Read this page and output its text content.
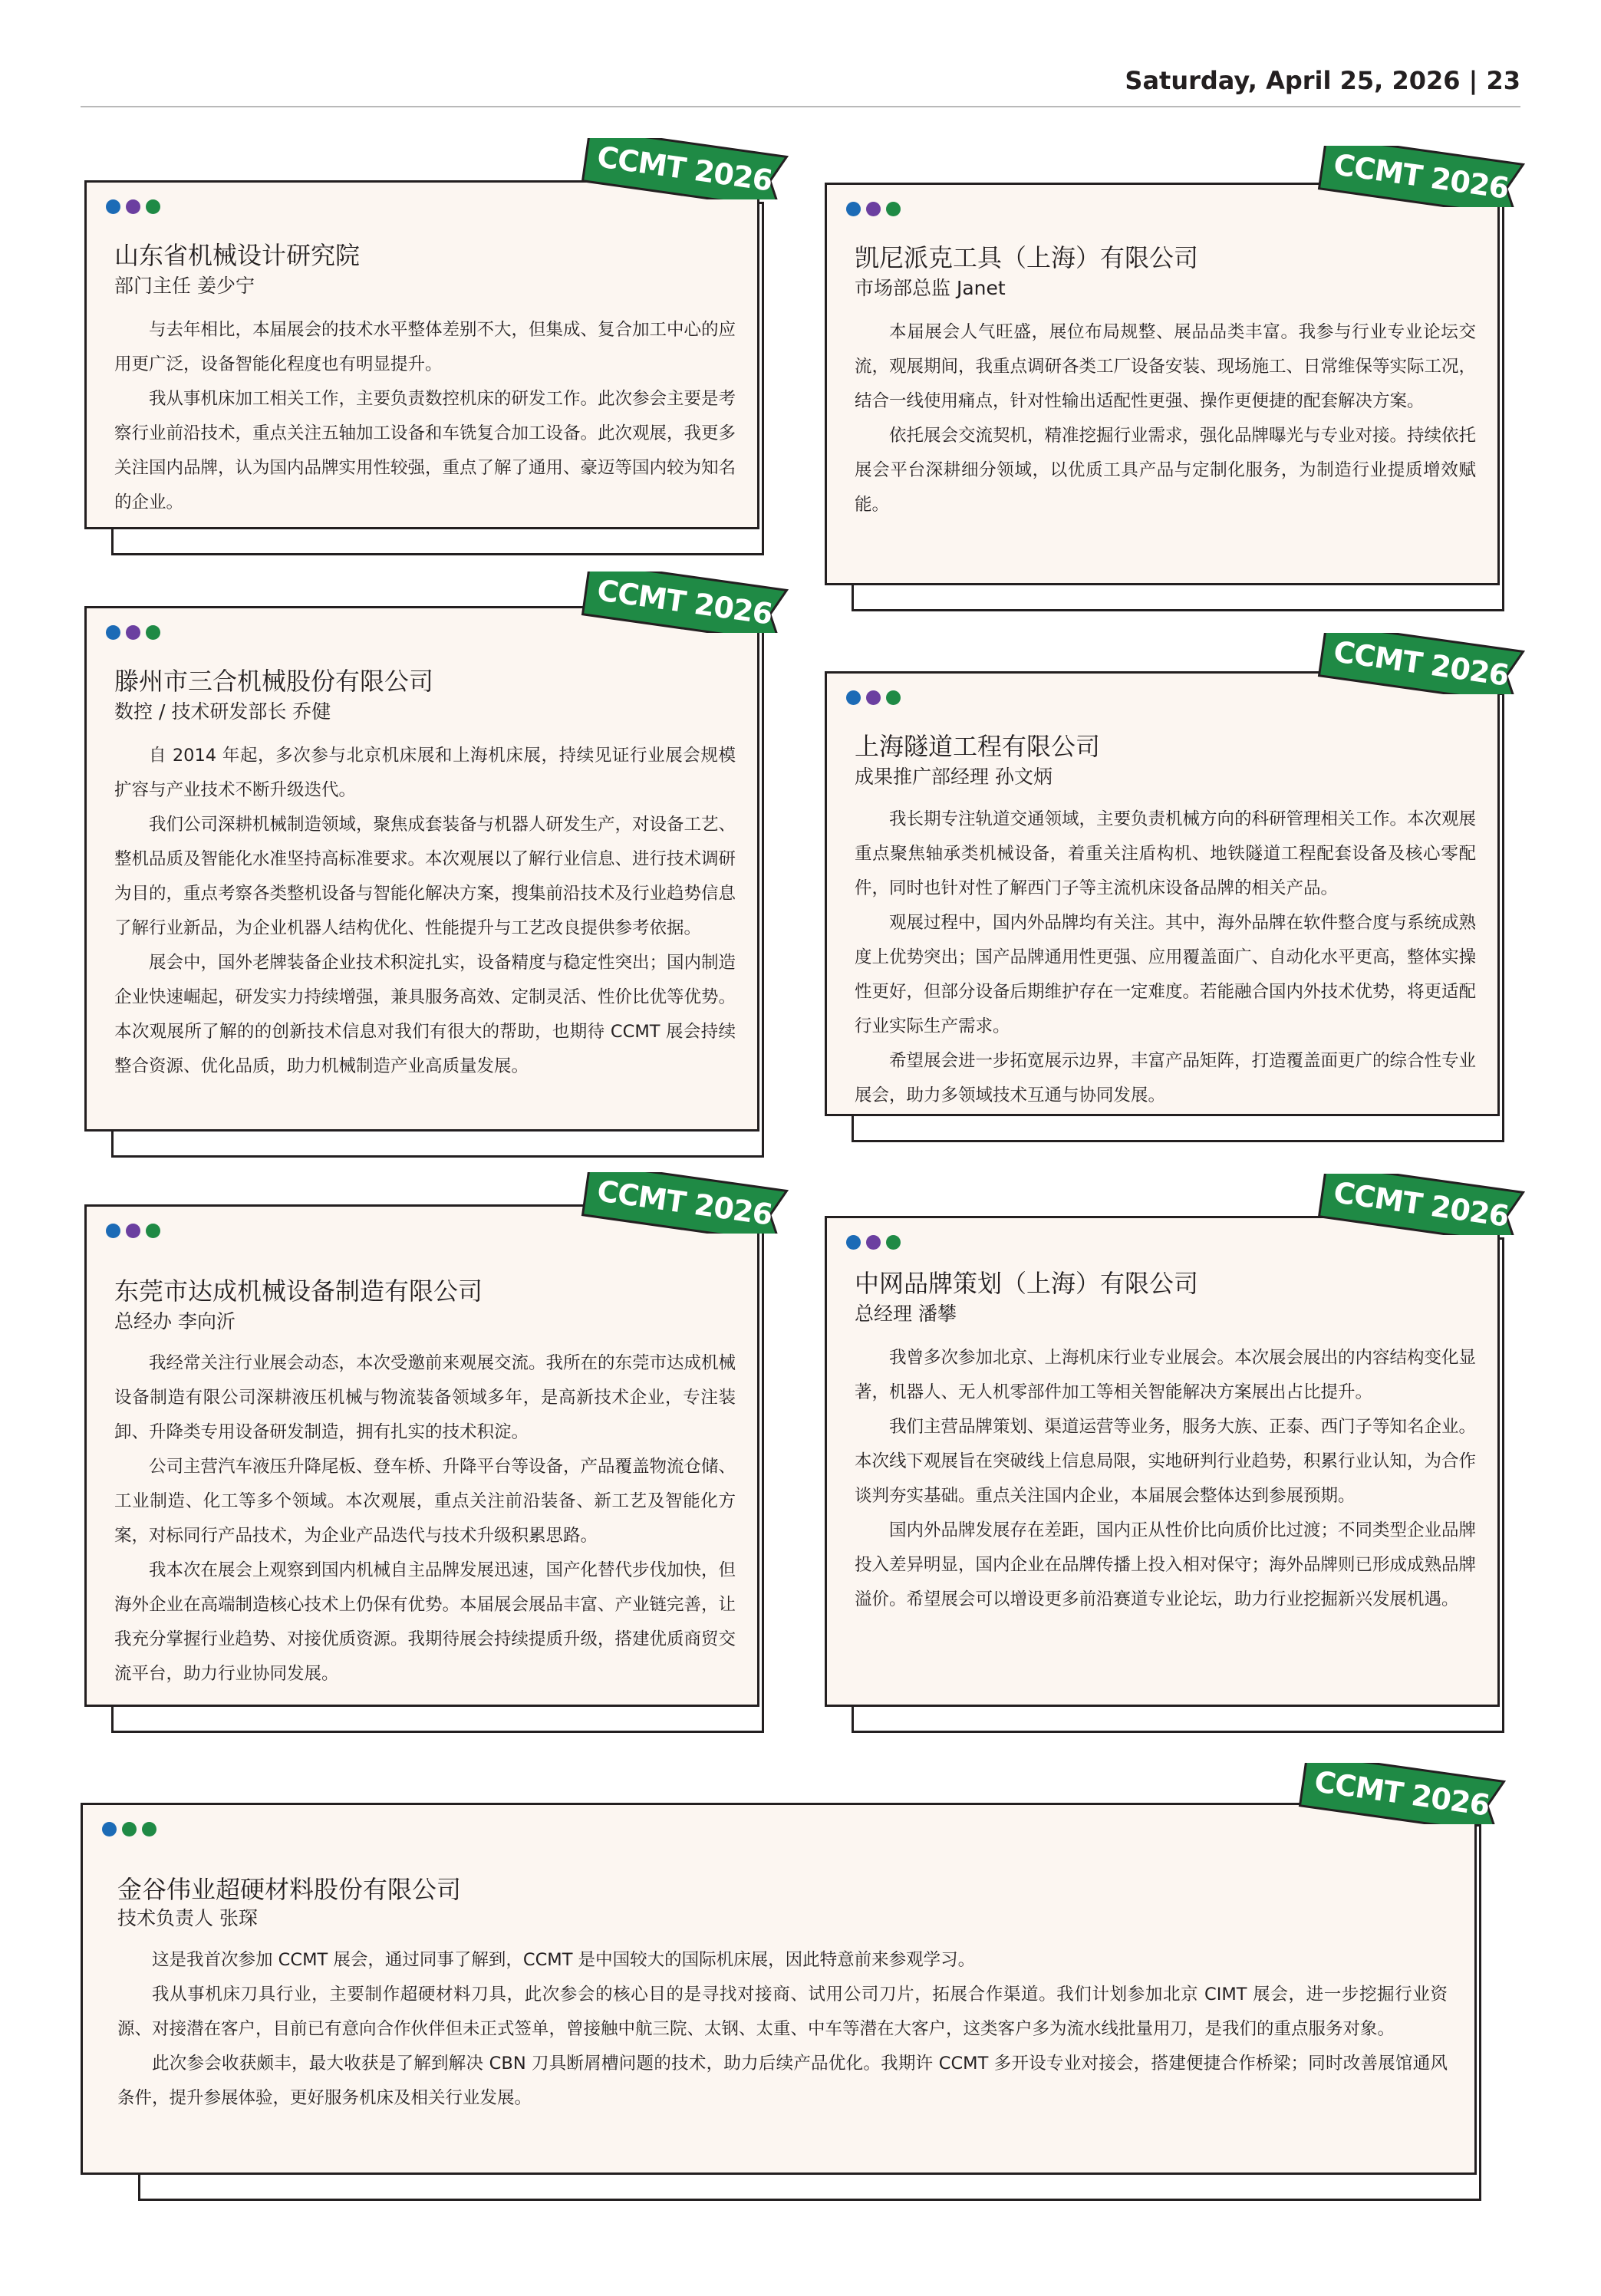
Saturday, April 25, 2026 | 23
山东省机械设计研究院
部门主任 姜少宁

与去年相比，本届展会的技术水平整体差别不大，但集成、复合加工中心的应用更广泛，设备智能化程度也有明显提升。

我从事机床加工相关工作，主要负责数控机床的研发工作。此次参会主要是考察行业前沿技术，重点关注五轴加工设备和车铣复合加工设备。此次观展，我更多关注国内品牌，认为国内品牌实用性较强，重点了解了通用、豪迈等国内较为知名的企业。

CCMT 2026
凯尼派克工具（上海）有限公司
市场部总监 Janet

本届展会人气旺盛，展位布局规整、展品品类丰富。我参与行业专业论坛交流，观展期间，我重点调研各类工厂设备安装、现场施工、日常维保等实际工况，结合一线使用痛点，针对性输出适配性更强、操作更便捷的配套解决方案。

依托展会交流契机，精准挖掘行业需求，强化品牌曝光与专业对接。持续依托展会平台深耕细分领域，以优质工具产品与定制化服务，为制造行业提质增效赋能。

CCMT 2026
滕州市三合机械股份有限公司
数控 / 技术研发部长 乔健

自 2014 年起，多次参与北京机床展和上海机床展，持续见证行业展会规模扩容与产业技术不断升级迭代。

我们公司深耕机械制造领域，聚焦成套装备与机器人研发生产，对设备工艺、整机品质及智能化水准坚持高标准要求。本次观展以了解行业信息、进行技术调研为目的，重点考察各类整机设备与智能化解决方案，搜集前沿技术及行业趋势信息了解行业新品，为企业机器人结构优化、性能提升与工艺改良提供参考依据。

展会中，国外老牌装备企业技术积淀扎实，设备精度与稳定性突出；国内制造企业快速崛起，研发实力持续增强，兼具服务高效、定制灵活、性价比优等优势。本次观展所了解的的创新技术信息对我们有很大的帮助，也期待 CCMT 展会持续整合资源、优化品质，助力机械制造产业高质量发展。

CCMT 2026
上海隧道工程有限公司
成果推广部经理 孙文炳

我长期专注轨道交通领域，主要负责机械方向的科研管理相关工作。本次观展重点聚焦轴承类机械设备，着重关注盾构机、地铁隧道工程配套设备及核心零配件，同时也针对性了解西门子等主流机床设备品牌的相关产品。

观展过程中，国内外品牌均有关注。其中，海外品牌在软件整合度与系统成熟度上优势突出；国产品牌通用性更强、应用覆盖面广、自动化水平更高，整体实操性更好，但部分设备后期维护存在一定难度。若能融合国内外技术优势，将更适配行业实际生产需求。

希望展会进一步拓宽展示边界，丰富产品矩阵，打造覆盖面更广的综合性专业展会，助力多领域技术互通与协同发展。

CCMT 2026
东莞市达成机械设备制造有限公司
总经办 李向沂

我经常关注行业展会动态，本次受邀前来观展交流。我所在的东莞市达成机械设备制造有限公司深耕液压机械与物流装备领域多年，是高新技术企业，专注装卸、升降类专用设备研发制造，拥有扎实的技术积淀。

公司主营汽车液压升降尾板、登车桥、升降平台等设备，产品覆盖物流仓储、工业制造、化工等多个领域。本次观展，重点关注前沿装备、新工艺及智能化方案，对标同行产品技术，为企业产品迭代与技术升级积累思路。

我本次在展会上观察到国内机械自主品牌发展迅速，国产化替代步伐加快，但海外企业在高端制造核心技术上仍保有优势。本届展会展品丰富、产业链完善，让我充分掌握行业趋势、对接优质资源。我期待展会持续提质升级，搭建优质商贸交流平台，助力行业协同发展。

CCMT 2026
中网品牌策划（上海）有限公司
总经理 潘攀

我曾多次参加北京、上海机床行业专业展会。本次展会展出的内容结构变化显著，机器人、无人机零部件加工等相关智能解决方案展出占比提升。

我们主营品牌策划、渠道运营等业务，服务大族、正泰、西门子等知名企业。本次线下观展旨在突破线上信息局限，实地研判行业趋势，积累行业认知，为合作谈判夯实基础。重点关注国内企业，本届展会整体达到参展预期。

国内外品牌发展存在差距，国内正从性价比向质价比过渡；不同类型企业品牌投入差异明显，国内企业在品牌传播上投入相对保守；海外品牌则已形成成熟品牌溢价。希望展会可以增设更多前沿赛道专业论坛，助力行业挖掘新兴发展机遇。

CCMT 2026
金谷伟业超硬材料股份有限公司
技术负责人 张琛

这是我首次参加 CCMT 展会，通过同事了解到，CCMT 是中国较大的国际机床展，因此特意前来参观学习。

我从事机床刀具行业，主要制作超硬材料刀具，此次参会的核心目的是寻找对接商、试用公司刀片，拓展合作渠道。我们计划参加北京 CIMT 展会，进一步挖掘行业资源、对接潜在客户，目前已有意向合作伙伴但未正式签单，曾接触中航三院、太钢、太重、中车等潜在大客户，这类客户多为流水线批量用刀，是我们的重点服务对象。

此次参会收获颇丰，最大收获是了解到解决 CBN 刀具断屑槽问题的技术，助力后续产品优化。我期许 CCMT 多开设专业对接会，搭建便捷合作桥梁；同时改善展馆通风条件，提升参展体验，更好服务机床及相关行业发展。

CCMT 2026
